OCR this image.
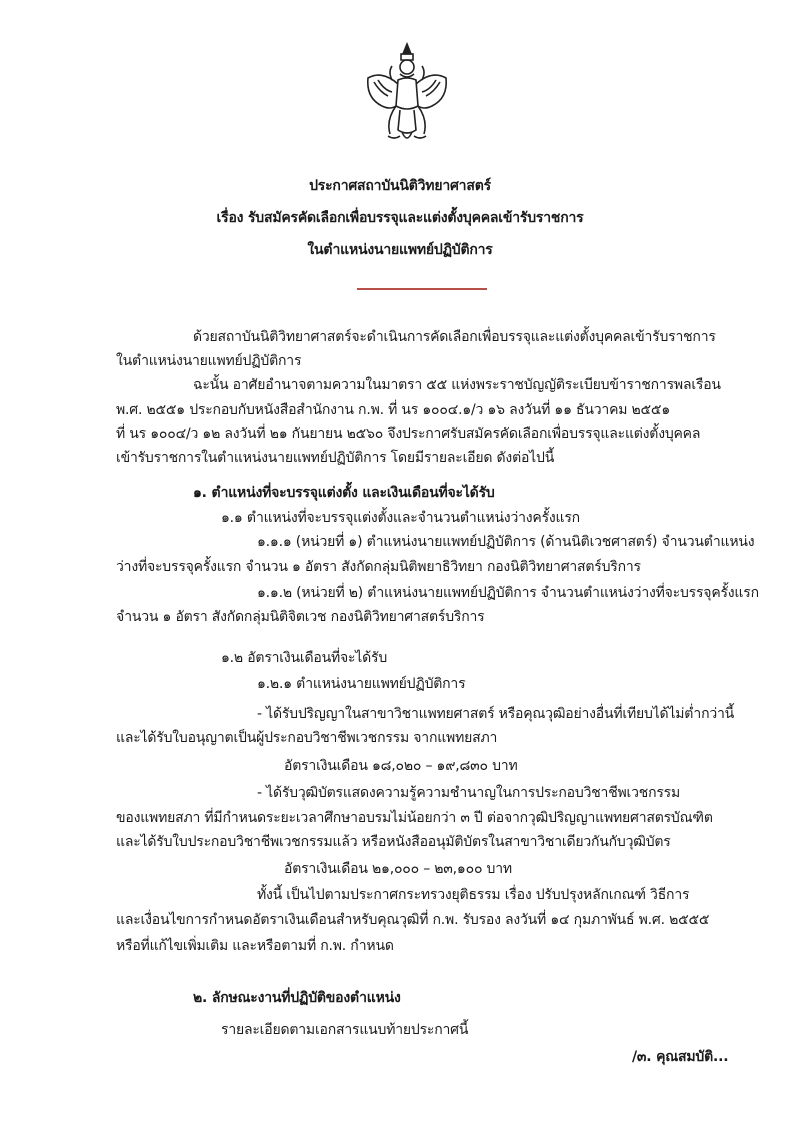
ประกาศสถาบันนิติวิทยาศาสตร์
เรื่อง รับสมัครคัดเลือกเพื่อบรรจุและแต่งตั้งบุคคลเข้ารับราชการ
ในตำแหน่งนายแพทย์ปฏิบัติการ
ด้วยสถาบันนิติวิทยาศาสตร์จะดำเนินการคัดเลือกเพื่อบรรจุและแต่งตั้งบุคคลเข้ารับราชการ
ในตำแหน่งนายแพทย์ปฏิบัติการ
ฉะนั้น อาศัยอำนาจตามความในมาตรา ๕๕ แห่งพระราชบัญญัติระเบียบข้าราชการพลเรือน
พ.ศ. ๒๕๕๑ ประกอบกับหนังสือสำนักงาน ก.พ. ที่ นร ๑๐๐๔.๑/ว ๑๖ ลงวันที่ ๑๑ ธันวาคม ๒๕๕๑
ที่ นร ๑๐๐๔/ว ๑๒ ลงวันที่ ๒๑ กันยายน ๒๕๖๐ จึงประกาศรับสมัครคัดเลือกเพื่อบรรจุและแต่งตั้งบุคคล
เข้ารับราชการในตำแหน่งนายแพทย์ปฏิบัติการ โดยมีรายละเอียด ดังต่อไปนี้
๑. ตำแหน่งที่จะบรรจุแต่งตั้ง และเงินเดือนที่จะได้รับ
๑.๑ ตำแหน่งที่จะบรรจุแต่งตั้งและจำนวนตำแหน่งว่างครั้งแรก
๑.๑.๑ (หน่วยที่ ๑) ตำแหน่งนายแพทย์ปฏิบัติการ (ด้านนิติเวชศาสตร์) จำนวนตำแหน่ง
ว่างที่จะบรรจุครั้งแรก จำนวน ๑ อัตรา สังกัดกลุ่มนิติพยาธิวิทยา กองนิติวิทยาศาสตร์บริการ
๑.๑.๒ (หน่วยที่ ๒) ตำแหน่งนายแพทย์ปฏิบัติการ จำนวนตำแหน่งว่างที่จะบรรจุครั้งแรก
จำนวน ๑ อัตรา สังกัดกลุ่มนิติจิตเวช กองนิติวิทยาศาสตร์บริการ
๑.๒ อัตราเงินเดือนที่จะได้รับ
๑.๒.๑ ตำแหน่งนายแพทย์ปฏิบัติการ
- ได้รับปริญญาในสาขาวิชาแพทยศาสตร์ หรือคุณวุฒิอย่างอื่นที่เทียบได้ไม่ต่ำกว่านี้
และได้รับใบอนุญาตเป็นผู้ประกอบวิชาชีพเวชกรรม จากแพทยสภา
อัตราเงินเดือน ๑๘,๐๒๐ – ๑๙,๘๓๐ บาท
- ได้รับวุฒิบัตรแสดงความรู้ความชำนาญในการประกอบวิชาชีพเวชกรรม
ของแพทยสภา ที่มีกำหนดระยะเวลาศึกษาอบรมไม่น้อยกว่า ๓ ปี ต่อจากวุฒิปริญญาแพทยศาสตรบัณฑิต
และได้รับใบประกอบวิชาชีพเวชกรรมแล้ว หรือหนังสืออนุมัติบัตรในสาขาวิชาเดียวกันกับวุฒิบัตร
อัตราเงินเดือน ๒๑,๐๐๐ – ๒๓,๑๐๐ บาท
ทั้งนี้ เป็นไปตามประกาศกระทรวงยุติธรรม เรื่อง ปรับปรุงหลักเกณฑ์ วิธีการ
และเงื่อนไขการกำหนดอัตราเงินเดือนสำหรับคุณวุฒิที่ ก.พ. รับรอง ลงวันที่ ๑๔ กุมภาพันธ์ พ.ศ. ๒๕๕๕
หรือที่แก้ไขเพิ่มเติม และหรือตามที่ ก.พ. กำหนด
๒. ลักษณะงานที่ปฏิบัติของตำแหน่ง
รายละเอียดตามเอกสารแนบท้ายประกาศนี้
/๓. คุณสมบัติ...
